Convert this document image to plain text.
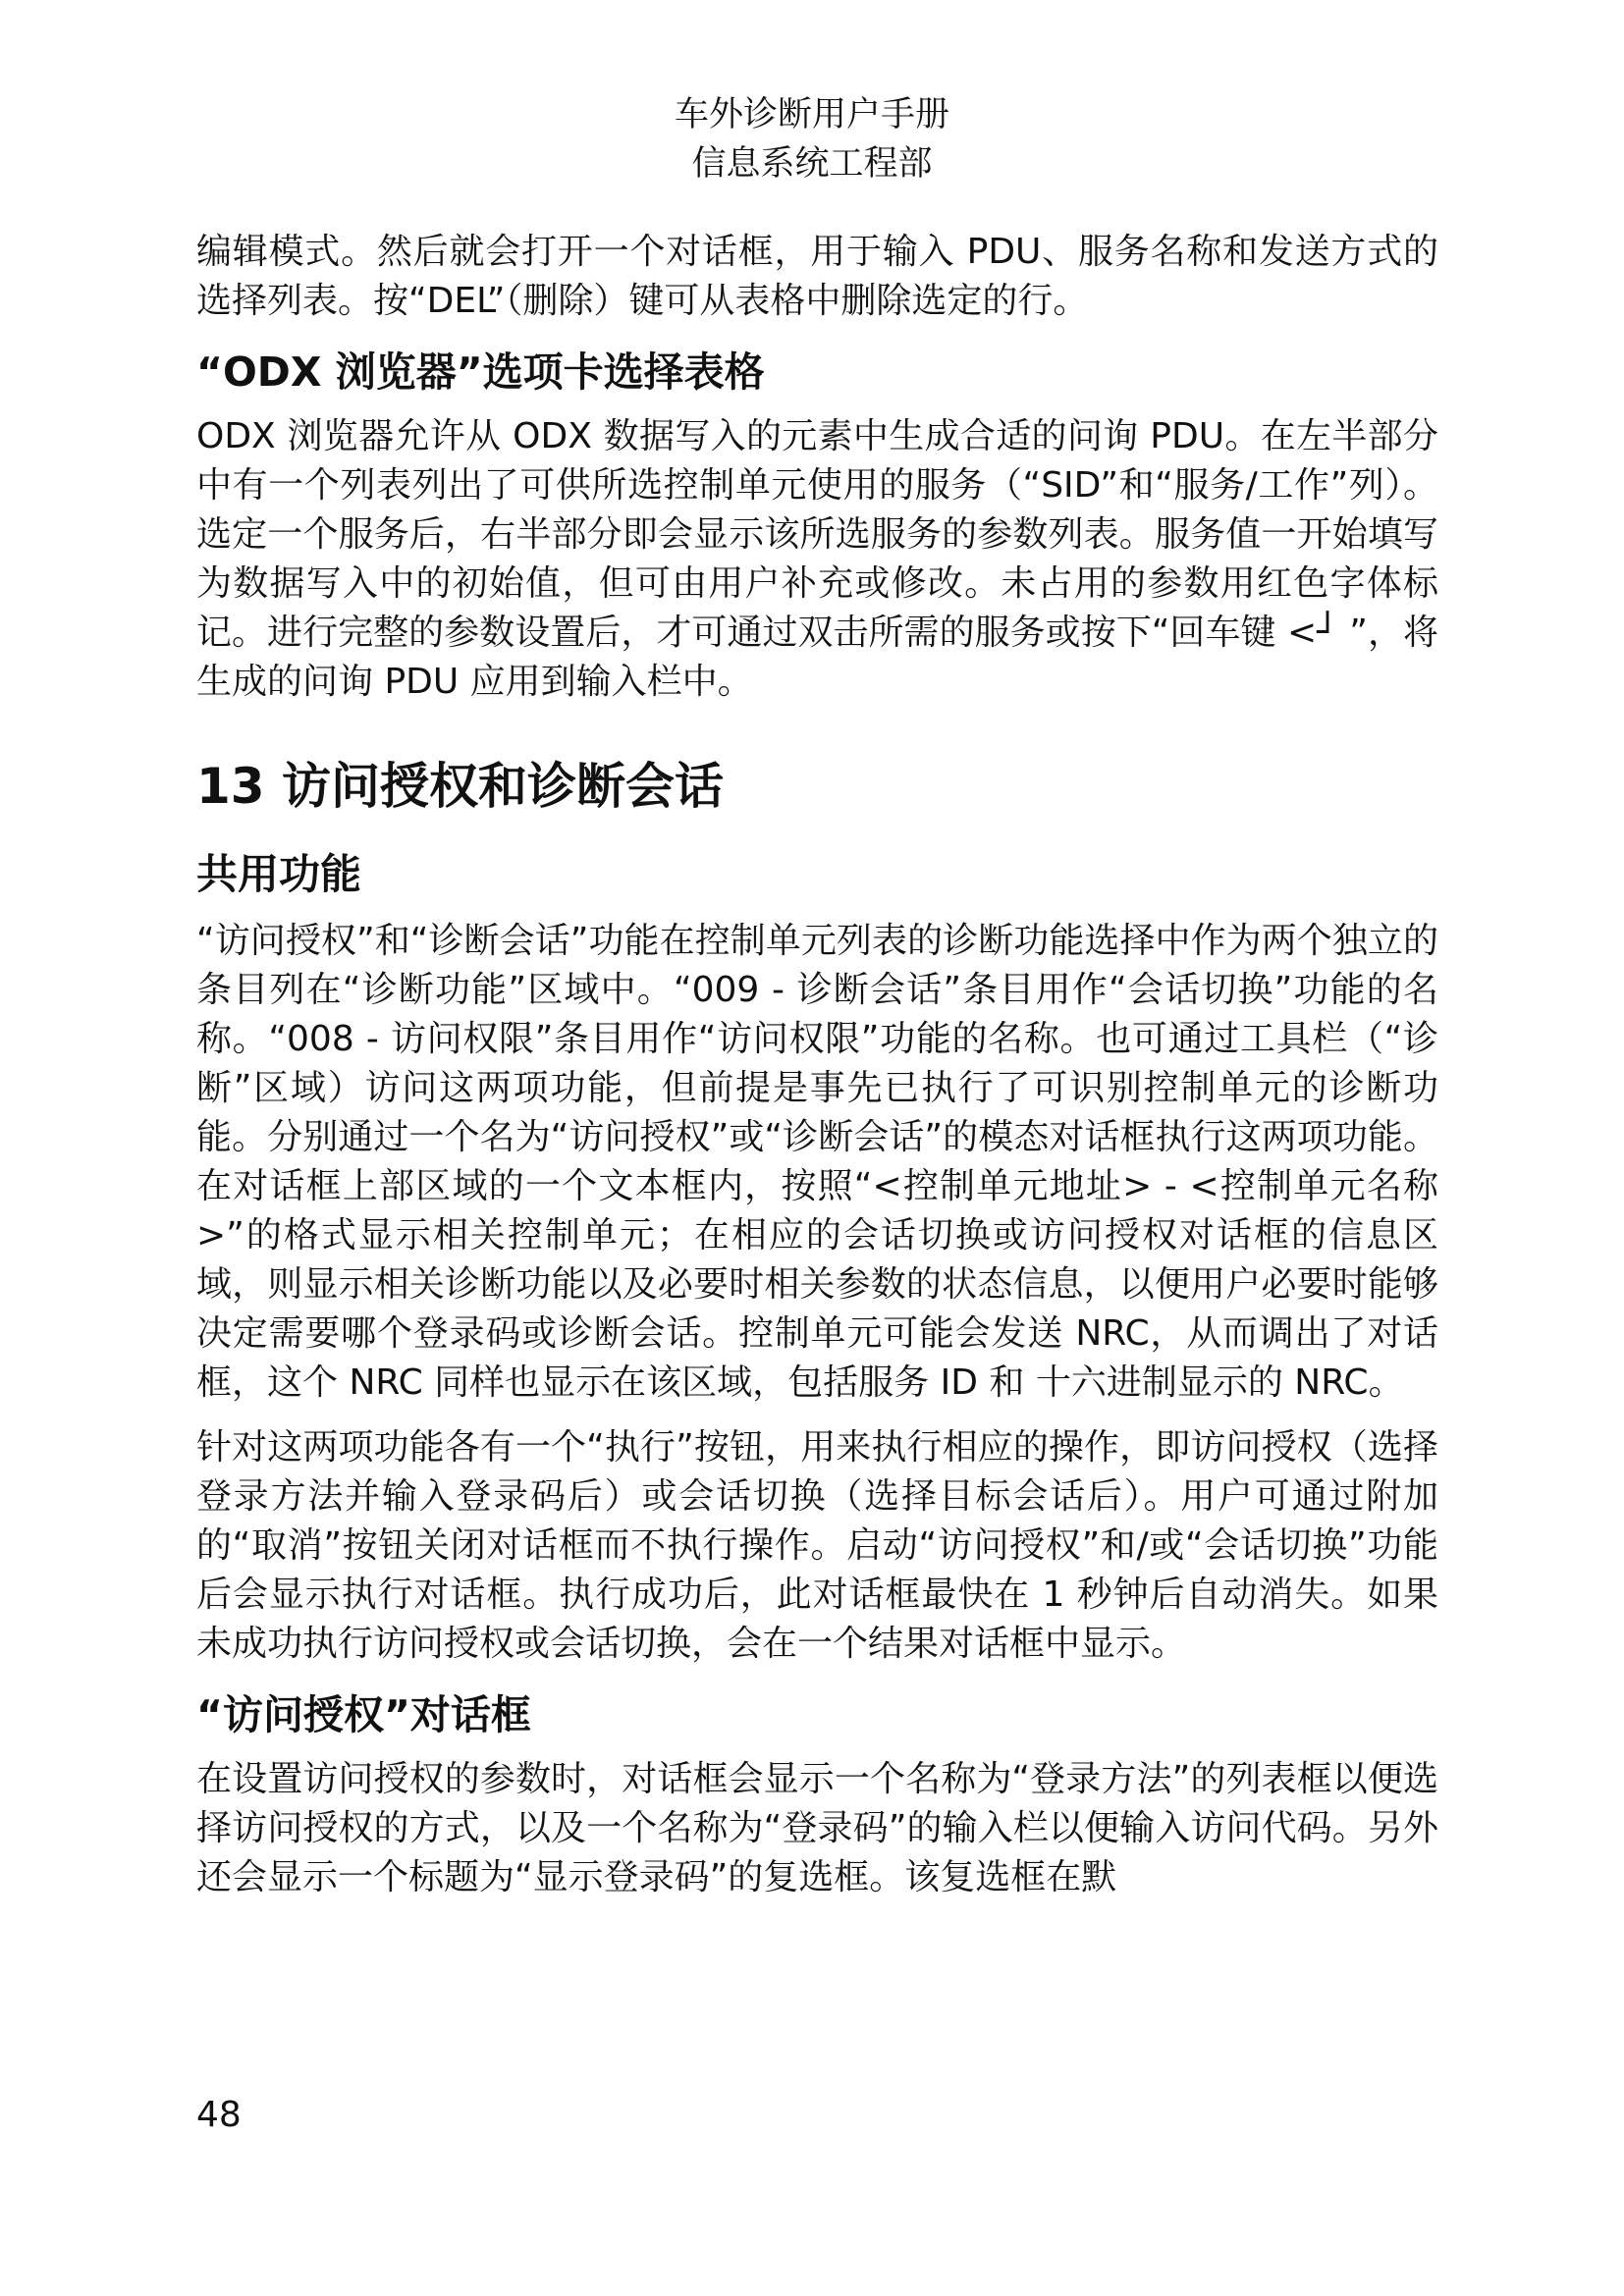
车外诊断用户手册
信息系统工程部

编辑模式。然后就会打开一个对话框，用于输入 PDU、服务名称和发送方式的选择列表。按“DEL”（删除）键可从表格中删除选定的行。

“ODX 浏览器”选项卡选择表格

ODX 浏览器允许从 ODX 数据写入的元素中生成合适的问询 PDU。在左半部分中有一个列表列出了可供所选控制单元使用的服务（“SID”和“服务/工作”列）。选定一个服务后，右半部分即会显示该所选服务的参数列表。服务值一开始填写为数据写入中的初始值，但可由用户补充或修改。未占用的参数用红色字体标记。进行完整的参数设置后，才可通过双击所需的服务或按下“回车键 <┘ ”，将生成的问询 PDU 应用到输入栏中。

13 访问授权和诊断会话
共用功能

“访问授权”和“诊断会话”功能在控制单元列表的诊断功能选择中作为两个独立的条目列在“诊断功能”区域中。“009 - 诊断会话”条目用作“会话切换”功能的名称。“008 - 访问权限”条目用作“访问权限”功能的名称。也可通过工具栏（“诊断”区域）访问这两项功能，但前提是事先已执行了可识别控制单元的诊断功能。分别通过一个名为“访问授权”或“诊断会话”的模态对话框执行这两项功能。在对话框上部区域的一个文本框内，按照“<控制单元地址> - <控制单元名称>”的格式显示相关控制单元；在相应的会话切换或访问授权对话框的信息区域，则显示相关诊断功能以及必要时相关参数的状态信息，以便用户必要时能够决定需要哪个登录码或诊断会话。控制单元可能会发送 NRC，从而调出了对话框，这个 NRC 同样也显示在该区域，包括服务 ID 和 十六进制显示的 NRC。

针对这两项功能各有一个“执行”按钮，用来执行相应的操作，即访问授权（选择登录方法并输入登录码后）或会话切换（选择目标会话后）。用户可通过附加的“取消”按钮关闭对话框而不执行操作。启动“访问授权”和/或“会话切换”功能后会显示执行对话框。执行成功后，此对话框最快在 1 秒钟后自动消失。如果未成功执行访问授权或会话切换，会在一个结果对话框中显示。

“访问授权”对话框

在设置访问授权的参数时，对话框会显示一个名称为“登录方法”的列表框以便选择访问授权的方式，以及一个名称为“登录码”的输入栏以便输入访问代码。另外还会显示一个标题为“显示登录码”的复选框。该复选框在默

48
